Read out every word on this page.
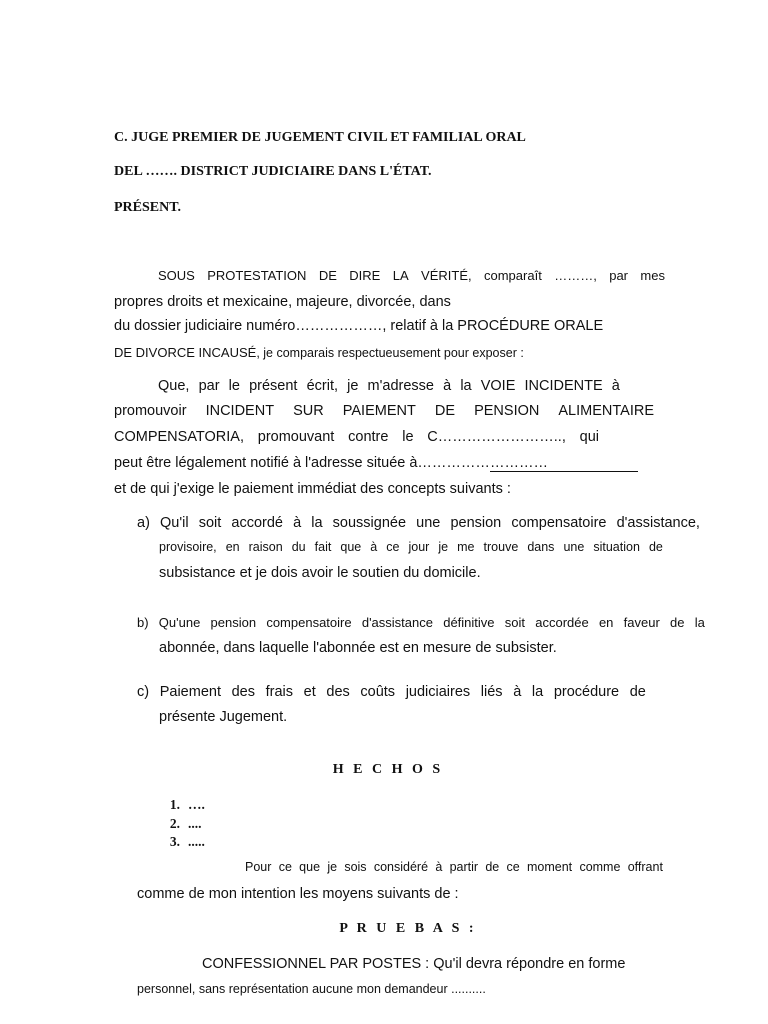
C. JUGE PREMIER DE JUGEMENT CIVIL ET FAMILIAL ORAL
DEL ……. DISTRICT JUDICIAIRE DANS L'ÉTAT.
PRÉSENT.
SOUS PROTESTATION DE DIRE LA VÉRITÉ, comparaît ………, par mes
propres droits et mexicaine, majeure, divorcée, dans
du dossier judiciaire numéro………………, relatif à la PROCÉDURE ORALE
DE DIVORCE INCAUSÉ, je comparais respectueusement pour exposer :
Que, par le présent écrit, je m'adresse à la VOIE INCIDENTE à
promouvoir INCIDENT SUR PAIEMENT DE PENSION ALIMENTAIRE
COMPENSATORIA, promouvant contre le C…………………….., qui
peut être légalement notifié à l'adresse située à………………………
et de qui j'exige le paiement immédiat des concepts suivants :
a) Qu'il soit accordé à la soussignée une pension compensatoire d'assistance,
provisoire, en raison du fait que à ce jour je me trouve dans une situation de
subsistance et je dois avoir le soutien du domicile.
b) Qu'une pension compensatoire d'assistance définitive soit accordée en faveur de la
abonnée, dans laquelle l'abonnée est en mesure de subsister.
c) Paiement des frais et des coûts judiciaires liés à la procédure de
présente Jugement.
H E C H O S
1. ….
2. ....
3. .....
Pour ce que je sois considéré à partir de ce moment comme offrant
comme de mon intention les moyens suivants de :
P R U E B A S :
CONFESSIONNEL PAR POSTES : Qu'il devra répondre en forme
personnel, sans représentation aucune mon demandeur ..........
